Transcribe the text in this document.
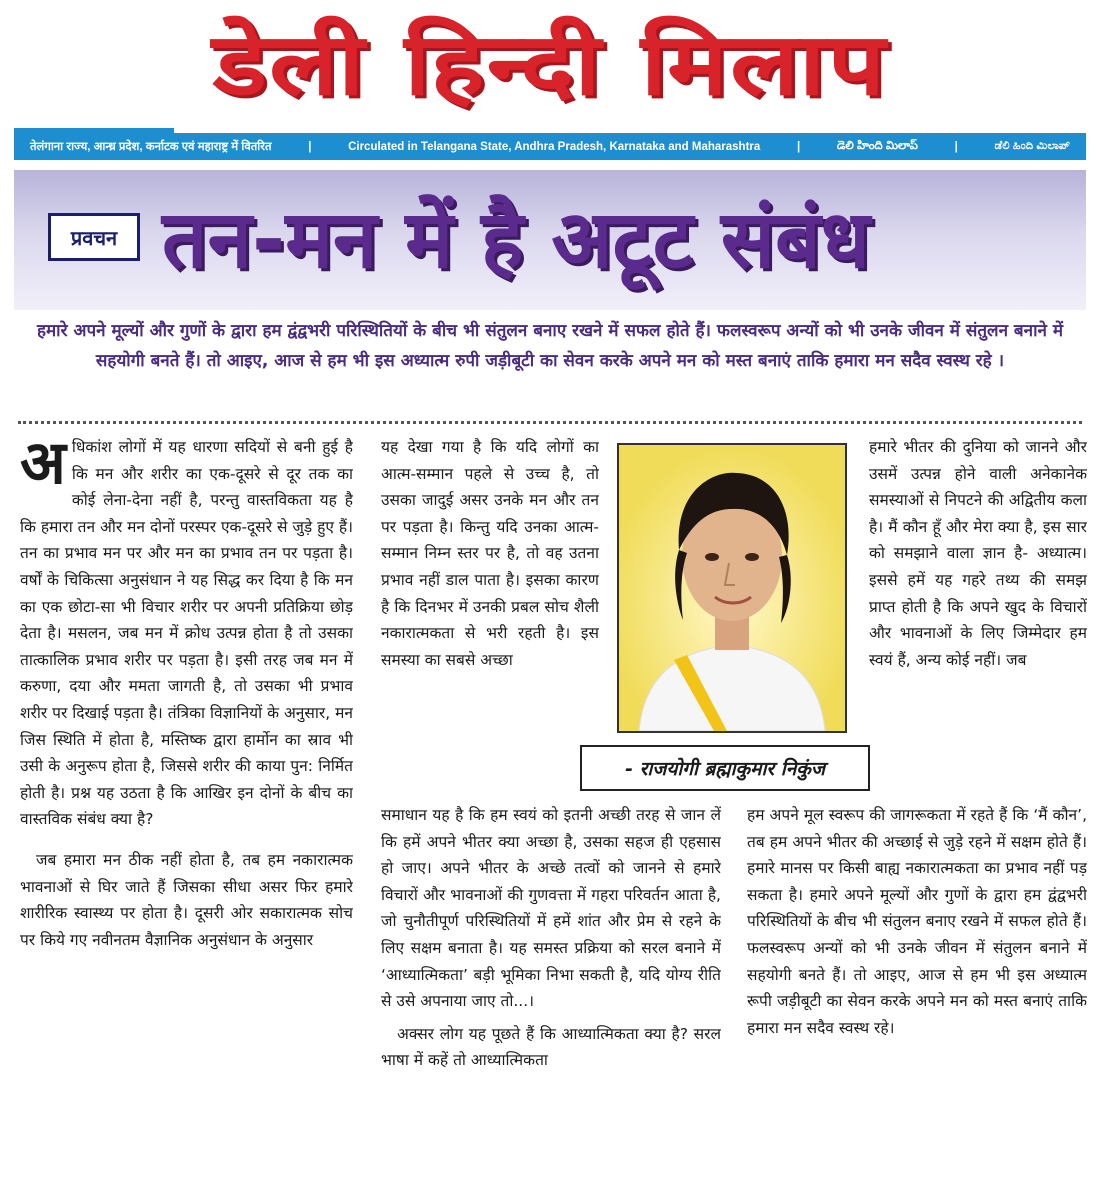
डेली हिन्दी मिलाप
तेलंगाना राज्य, आन्ध्र प्रदेश, कर्नाटक एवं महाराष्ट्र में वितरित	|	Circulated in Telangana State, Andhra Pradesh, Karnataka and Maharashtra	|	డెలి హింది మిలాప్	|	ಡೆಲಿ ಹಿಂದಿ ಮಿಲಾಪ್
प्रवचन तन-मन में है अटूट संबंध
हमारे अपने मूल्यों और गुणों के द्वारा हम द्वंद्वभरी परिस्थितियों के बीच भी संतुलन बनाए रखने में सफल होते हैं। फलस्वरूप अन्यों को भी उनके जीवन में संतुलन बनाने में सहयोगी बनते हैं। तो आइए, आज से हम भी इस अध्यात्म रुपी जड़ीबूटी का सेवन करके अपने मन को मस्त बनाएं ताकि हमारा मन सदैव स्वस्थ रहे ।

अधिकांश लोगों में यह धारणा सदियों से बनी हुई है कि मन और शरीर का एक-दूसरे से दूर तक का कोई लेना-देना नहीं है, परन्तु वास्तविकता यह है कि हमारा तन और मन दोनों परस्पर एक-दूसरे से जुड़े हुए हैं। तन का प्रभाव मन पर और मन का प्रभाव तन पर पड़ता है। वर्षों के चिकित्सा अनुसंधान ने यह सिद्ध कर दिया है कि मन का एक छोटा-सा भी विचार शरीर पर अपनी प्रतिक्रिया छोड़ देता है। मसलन, जब मन में क्रोध उत्पन्न होता है तो उसका तात्कालिक प्रभाव शरीर पर पड़ता है। इसी तरह जब मन में करुणा, दया और ममता जागती है, तो उसका भी प्रभाव शरीर पर दिखाई पड़ता है। तंत्रिका विज्ञानियों के अनुसार, मन जिस स्थिति में होता है, मस्तिष्क द्वारा हार्मोन का स्राव भी उसी के अनुरूप होता है, जिससे शरीर की काया पुन: निर्मित होती है। प्रश्न यह उठता है कि आखिर इन दोनों के बीच का वास्तविक संबंध क्या है?

जब हमारा मन ठीक नहीं होता है, तब हम नकारात्मक भावनाओं से घिर जाते हैं जिसका सीधा असर फिर हमारे शारीरिक स्वास्थ्य पर होता है। दूसरी ओर सकारात्मक सोच पर किये गए नवीनतम वैज्ञानिक अनुसंधान के अनुसार

यह देखा गया है कि यदि लोगों का आत्म-सम्मान पहले से उच्च है, तो उसका जादुई असर उनके मन और तन पर पड़ता है। किन्तु यदि उनका आत्म-सम्मान निम्न स्तर पर है, तो वह उतना प्रभाव नहीं डाल पाता है। इसका कारण है कि दिनभर में उनकी प्रबल सोच शैली नकारात्मकता से भरी रहती है। इस समस्या का सबसे अच्छा

- राजयोगी ब्रह्माकुमार निकुंज

हमारे भीतर की दुनिया को जानने और उसमें उत्पन्न होने वाली अनेकानेक समस्याओं से निपटने की अद्वितीय कला है। मैं कौन हूँ और मेरा क्या है, इस सार को समझाने वाला ज्ञान है- अध्यात्म। इससे हमें यह गहरे तथ्य की समझ प्राप्त होती है कि अपने खुद के विचारों और भावनाओं के लिए जिम्मेदार हम स्वयं हैं, अन्य कोई नहीं। जब

समाधान यह है कि हम स्वयं को इतनी अच्छी तरह से जान लें कि हमें अपने भीतर क्या अच्छा है, उसका सहज ही एहसास हो जाए। अपने भीतर के अच्छे तत्वों को जानने से हमारे विचारों और भावनाओं की गुणवत्ता में गहरा परिवर्तन आता है, जो चुनौतीपूर्ण परिस्थितियों में हमें शांत और प्रेम से रहने के लिए सक्षम बनाता है। यह समस्त प्रक्रिया को सरल बनाने में ‘आध्यात्मिकता’ बड़ी भूमिका निभा सकती है, यदि योग्य रीति से उसे अपनाया जाए तो...।

अक्सर लोग यह पूछते हैं कि आध्यात्मिकता क्या है? सरल भाषा में कहें तो आध्यात्मिकता

हम अपने मूल स्वरूप की जागरूकता में रहते हैं कि ‘मैं कौन’, तब हम अपने भीतर की अच्छाई से जुड़े रहने में सक्षम होते हैं। हमारे मानस पर किसी बाह्य नकारात्मकता का प्रभाव नहीं पड़ सकता है। हमारे अपने मूल्यों और गुणों के द्वारा हम द्वंद्वभरी परिस्थितियों के बीच भी संतुलन बनाए रखने में सफल होते हैं। फलस्वरूप अन्यों को भी उनके जीवन में संतुलन बनाने में सहयोगी बनते हैं। तो आइए, आज से हम भी इस अध्यात्म रूपी जड़ीबूटी का सेवन करके अपने मन को मस्त बनाएं ताकि हमारा मन सदैव स्वस्थ रहे।
